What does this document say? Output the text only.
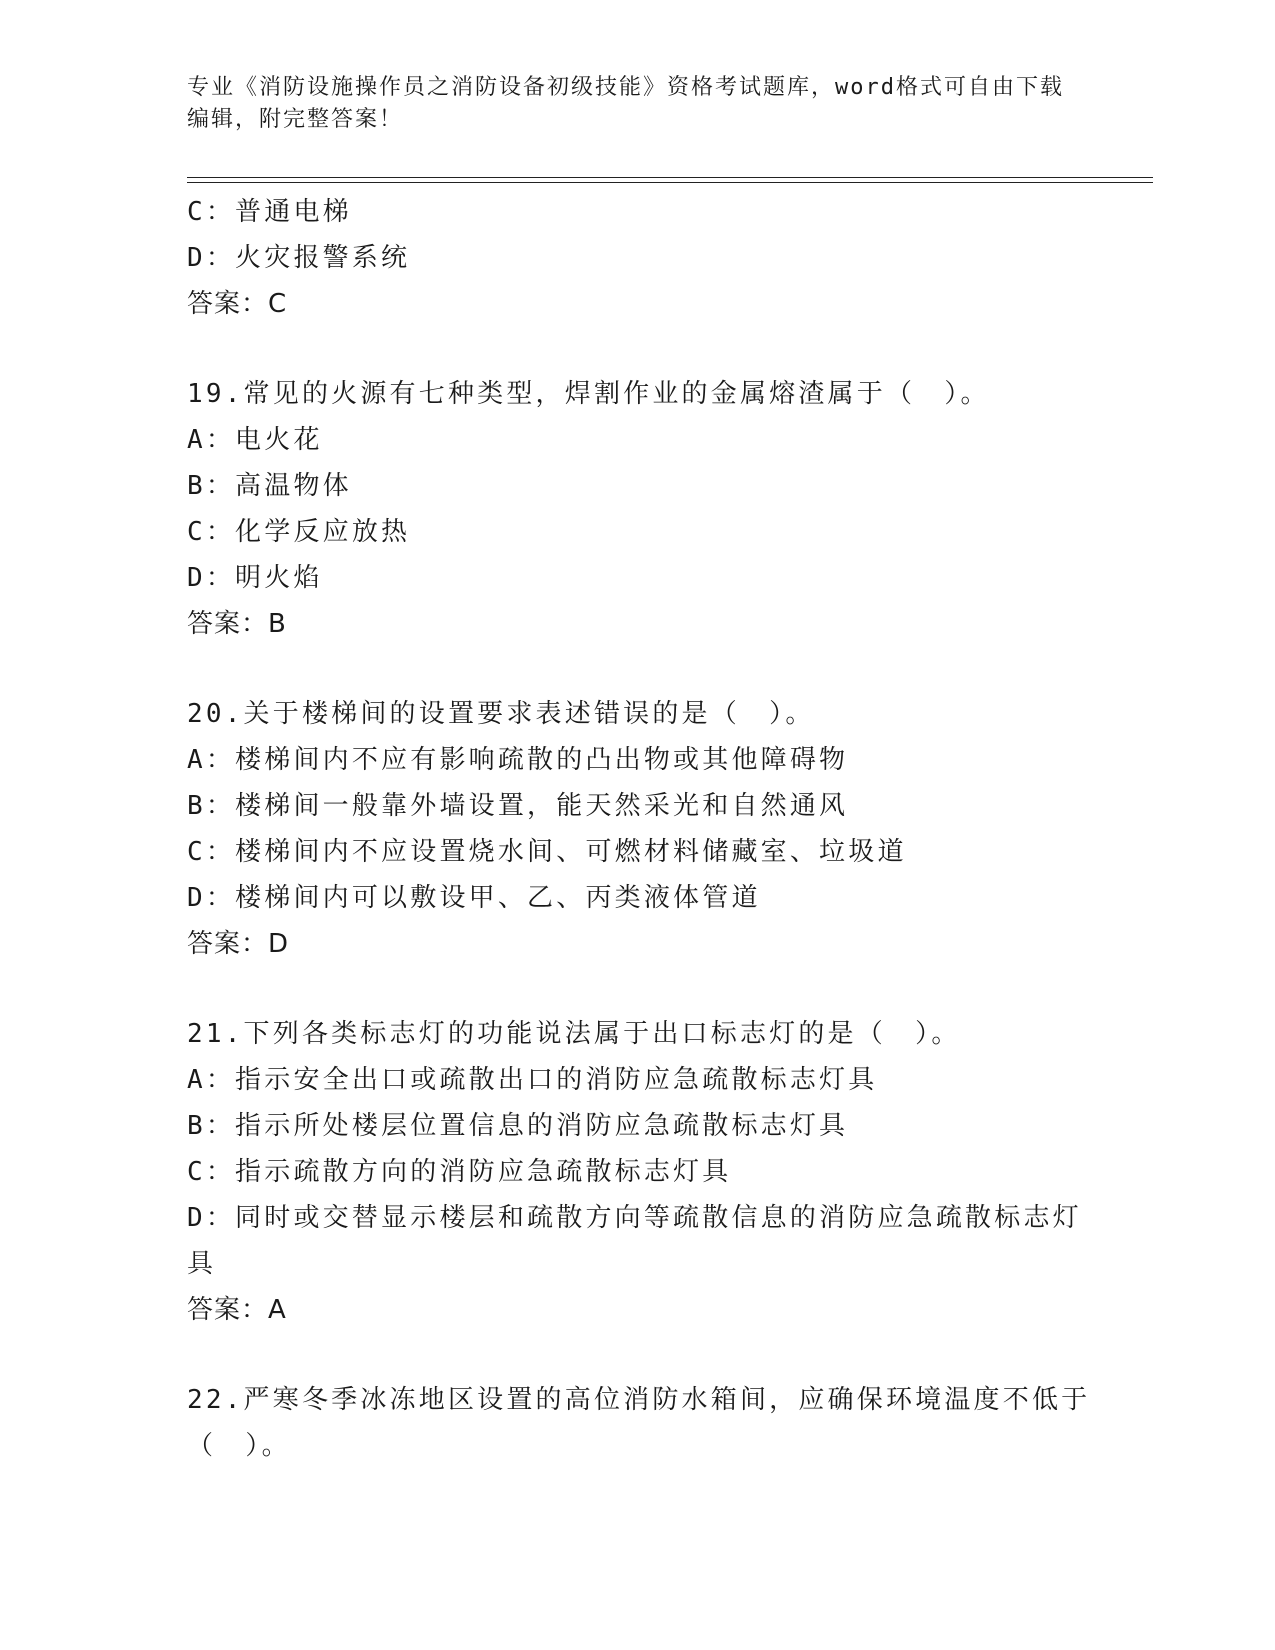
专业《消防设施操作员之消防设备初级技能》资格考试题库，word格式可自由下载编辑，附完整答案！
C：普通电梯
D：火灾报警系统
答案：C
19.常见的火源有七种类型，焊割作业的金属熔渣属于（　）。
A：电火花
B：高温物体
C：化学反应放热
D：明火焰
答案：B
20.关于楼梯间的设置要求表述错误的是（　）。
A：楼梯间内不应有影响疏散的凸出物或其他障碍物
B：楼梯间一般靠外墙设置，能天然采光和自然通风
C：楼梯间内不应设置烧水间、可燃材料储藏室、垃圾道
D：楼梯间内可以敷设甲、乙、丙类液体管道
答案：D
21.下列各类标志灯的功能说法属于出口标志灯的是（　）。
A：指示安全出口或疏散出口的消防应急疏散标志灯具
B：指示所处楼层位置信息的消防应急疏散标志灯具
C：指示疏散方向的消防应急疏散标志灯具
D：同时或交替显示楼层和疏散方向等疏散信息的消防应急疏散标志灯
具
答案：A
22.严寒冬季冰冻地区设置的高位消防水箱间，应确保环境温度不低于
（　）。
